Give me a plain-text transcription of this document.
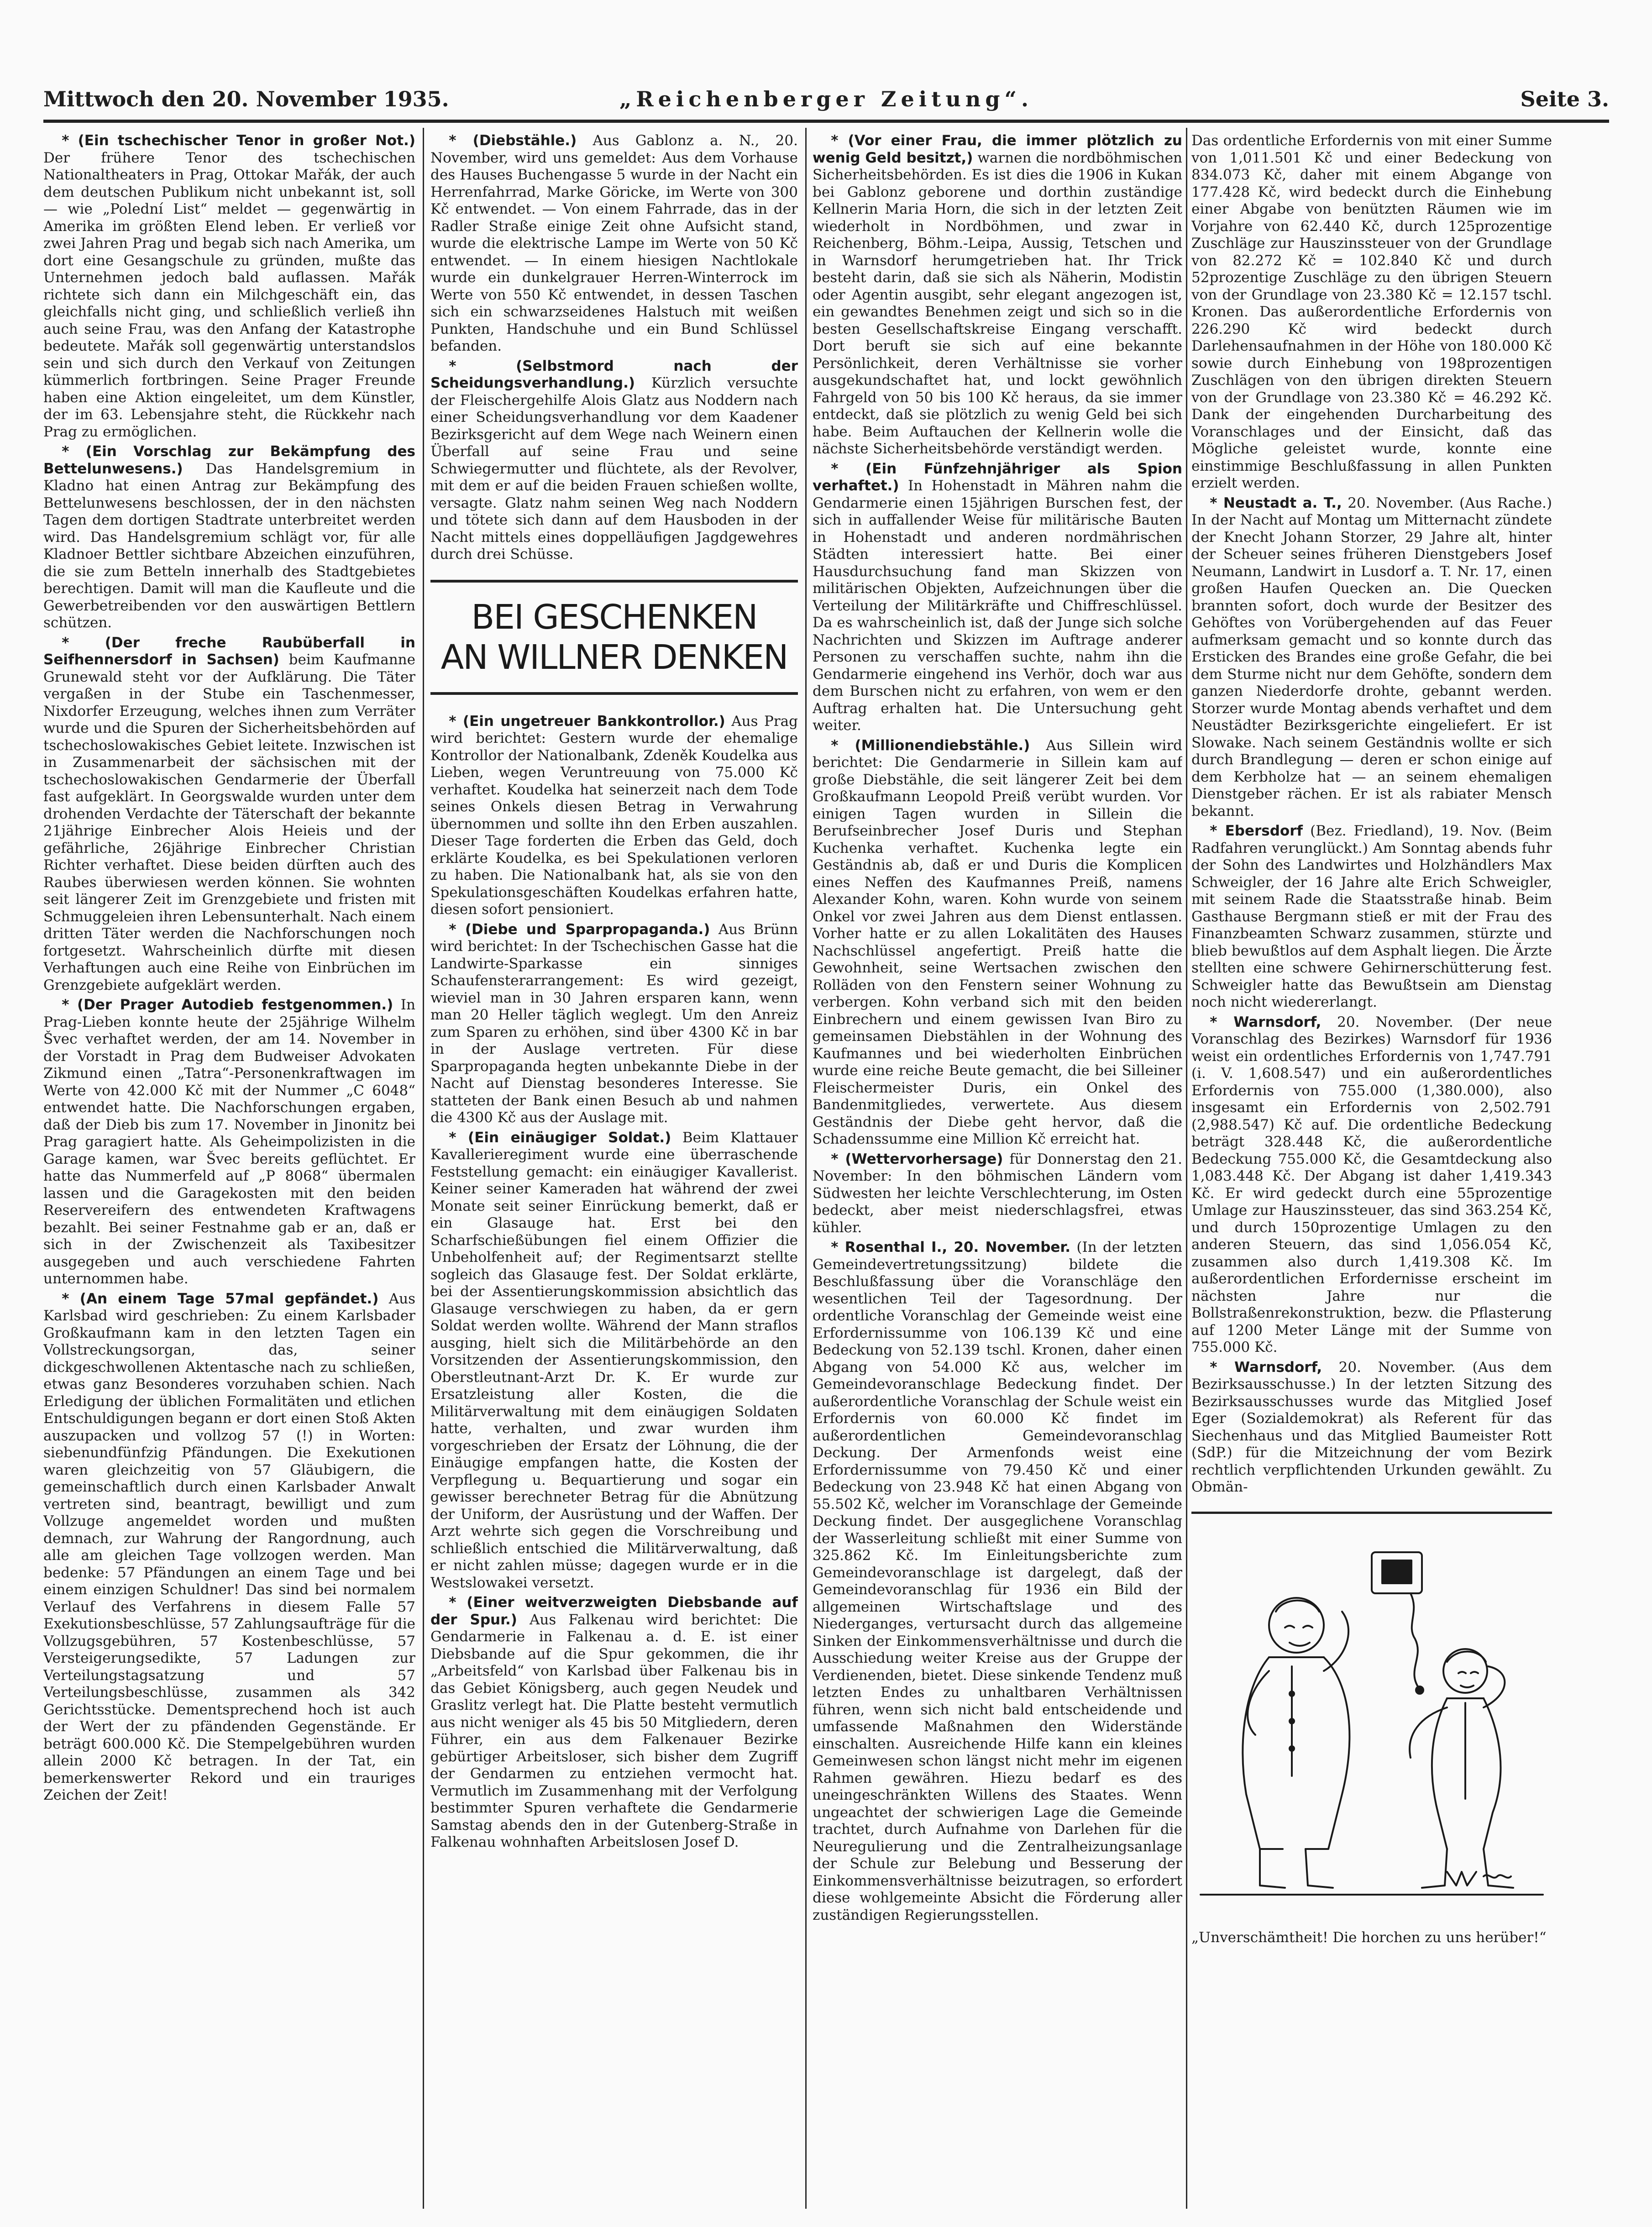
Mittwoch den 20. November 1935.	„Reichenberger Zeitung“.	Seite 3.

* (Ein tschechischer Tenor in großer Not.) Der frühere Tenor des tschechischen Nationaltheaters in Prag, Ottokar Mařák, der auch dem deutschen Publikum nicht unbekannt ist, soll — wie „Polední List“ meldet — gegenwärtig in Amerika im größten Elend leben. Er verließ vor zwei Jahren Prag und begab sich nach Amerika, um dort eine Gesangschule zu gründen, mußte das Unternehmen jedoch bald auflassen. Mařák richtete sich dann ein Milchgeschäft ein, das gleichfalls nicht ging, und schließlich verließ ihn auch seine Frau, was den Anfang der Katastrophe bedeutete. Mařák soll gegenwärtig unterstandslos sein und sich durch den Verkauf von Zeitungen kümmerlich fortbringen. Seine Prager Freunde haben eine Aktion eingeleitet, um dem Künstler, der im 63. Lebensjahre steht, die Rückkehr nach Prag zu ermöglichen.

* (Ein Vorschlag zur Bekämpfung des Bettelunwesens.) Das Handelsgremium in Kladno hat einen Antrag zur Bekämpfung des Bettelunwesens beschlossen, der in den nächsten Tagen dem dortigen Stadtrate unterbreitet werden wird. Das Handelsgremium schlägt vor, für alle Kladnoer Bettler sichtbare Abzeichen einzuführen, die sie zum Betteln innerhalb des Stadtgebietes berechtigen. Damit will man die Kaufleute und die Gewerbetreibenden vor den auswärtigen Bettlern schützen.

* (Der freche Raubüberfall in Seifhennersdorf in Sachsen) beim Kaufmanne Grunewald steht vor der Aufklärung. Die Täter vergaßen in der Stube ein Taschenmesser, Nixdorfer Erzeugung, welches ihnen zum Verräter wurde und die Spuren der Sicherheitsbehörden auf tschechoslowakisches Gebiet leitete. Inzwischen ist in Zusammenarbeit der sächsischen mit der tschechoslowakischen Gendarmerie der Überfall fast aufgeklärt. In Georgswalde wurden unter dem drohenden Verdachte der Täterschaft der bekannte 21jährige Einbrecher Alois Heieis und der gefährliche, 26jährige Einbrecher Christian Richter verhaftet. Diese beiden dürften auch des Raubes überwiesen werden können. Sie wohnten seit längerer Zeit im Grenzgebiete und fristen mit Schmuggeleien ihren Lebensunterhalt. Nach einem dritten Täter werden die Nachforschungen noch fortgesetzt. Wahrscheinlich dürfte mit diesen Verhaftungen auch eine Reihe von Einbrüchen im Grenzgebiete aufgeklärt werden.

* (Der Prager Autodieb festgenommen.) In Prag-Lieben konnte heute der 25jährige Wilhelm Švec verhaftet werden, der am 14. November in der Vorstadt in Prag dem Budweiser Advokaten Zikmund einen „Tatra“-Personenkraftwagen im Werte von 42.000 Kč mit der Nummer „C 6048“ entwendet hatte. Die Nachforschungen ergaben, daß der Dieb bis zum 17. November in Jinonitz bei Prag garagiert hatte. Als Geheimpolizisten in die Garage kamen, war Švec bereits geflüchtet. Er hatte das Nummerfeld auf „P 8068“ übermalen lassen und die Garagekosten mit den beiden Reservereifern des entwendeten Kraftwagens bezahlt. Bei seiner Festnahme gab er an, daß er sich in der Zwischenzeit als Taxibesitzer ausgegeben und auch verschiedene Fahrten unternommen habe.

* (An einem Tage 57mal gepfändet.) Aus Karlsbad wird geschrieben: Zu einem Karlsbader Großkaufmann kam in den letzten Tagen ein Vollstreckungsorgan, das, seiner dickgeschwollenen Aktentasche nach zu schließen, etwas ganz Besonderes vorzuhaben schien. Nach Erledigung der üblichen Formalitäten und etlichen Entschuldigungen begann er dort einen Stoß Akten auszupacken und vollzog 57 (!) in Worten: siebenundfünfzig Pfändungen. Die Exekutionen waren gleichzeitig von 57 Gläubigern, die gemeinschaftlich durch einen Karlsbader Anwalt vertreten sind, beantragt, bewilligt und zum Vollzuge angemeldet worden und mußten demnach, zur Wahrung der Rangordnung, auch alle am gleichen Tage vollzogen werden. Man bedenke: 57 Pfändungen an einem Tage und bei einem einzigen Schuldner! Das sind bei normalem Verlauf des Verfahrens in diesem Falle 57 Exekutionsbeschlüsse, 57 Zahlungsaufträge für die Vollzugsgebühren, 57 Kostenbeschlüsse, 57 Versteigerungsedikte, 57 Ladungen zur Verteilungstagsatzung und 57 Verteilungsbeschlüsse, zusammen als 342 Gerichtsstücke. Dementsprechend hoch ist auch der Wert der zu pfändenden Gegenstände. Er beträgt 600.000 Kč. Die Stempelgebühren wurden allein 2000 Kč betragen. In der Tat, ein bemerkenswerter Rekord und ein trauriges Zeichen der Zeit!

* (Diebstähle.) Aus Gablonz a. N., 20. November, wird uns gemeldet: Aus dem Vorhause des Hauses Buchengasse 5 wurde in der Nacht ein Herrenfahrrad, Marke Göricke, im Werte von 300 Kč entwendet. — Von einem Fahrrade, das in der Radler Straße einige Zeit ohne Aufsicht stand, wurde die elektrische Lampe im Werte von 50 Kč entwendet. — In einem hiesigen Nachtlokale wurde ein dunkelgrauer Herren-Winterrock im Werte von 550 Kč entwendet, in dessen Taschen sich ein schwarzseidenes Halstuch mit weißen Punkten, Handschuhe und ein Bund Schlüssel befanden.

* (Selbstmord nach der Scheidungsverhandlung.) Kürzlich versuchte der Fleischergehilfe Alois Glatz aus Noddern nach einer Scheidungsverhandlung vor dem Kaadener Bezirksgericht auf dem Wege nach Weinern einen Überfall auf seine Frau und seine Schwiegermutter und flüchtete, als der Revolver, mit dem er auf die beiden Frauen schießen wollte, versagte. Glatz nahm seinen Weg nach Noddern und tötete sich dann auf dem Hausboden in der Nacht mittels eines doppelläufigen Jagdgewehres durch drei Schüsse.

BEI GESCHENKEN
AN WILLNER DENKEN

* (Ein ungetreuer Bankkontrollor.) Aus Prag wird berichtet: Gestern wurde der ehemalige Kontrollor der Nationalbank, Zdeněk Koudelka aus Lieben, wegen Veruntreuung von 75.000 Kč verhaftet. Koudelka hat seinerzeit nach dem Tode seines Onkels diesen Betrag in Verwahrung übernommen und sollte ihn den Erben auszahlen. Dieser Tage forderten die Erben das Geld, doch erklärte Koudelka, es bei Spekulationen verloren zu haben. Die Nationalbank hat, als sie von den Spekulationsgeschäften Koudelkas erfahren hatte, diesen sofort pensioniert.

* (Diebe und Sparpropaganda.) Aus Brünn wird berichtet: In der Tschechischen Gasse hat die Landwirte-Sparkasse ein sinniges Schaufensterarrangement: Es wird gezeigt, wieviel man in 30 Jahren ersparen kann, wenn man 20 Heller täglich weglegt. Um den Anreiz zum Sparen zu erhöhen, sind über 4300 Kč in bar in der Auslage vertreten. Für diese Sparpropaganda hegten unbekannte Diebe in der Nacht auf Dienstag besonderes Interesse. Sie statteten der Bank einen Besuch ab und nahmen die 4300 Kč aus der Auslage mit.

* (Ein einäugiger Soldat.) Beim Klattauer Kavallerieregiment wurde eine überraschende Feststellung gemacht: ein einäugiger Kavallerist. Keiner seiner Kameraden hat während der zwei Monate seit seiner Einrückung bemerkt, daß er ein Glasauge hat. Erst bei den Scharfschießübungen fiel einem Offizier die Unbeholfenheit auf; der Regimentsarzt stellte sogleich das Glasauge fest. Der Soldat erklärte, bei der Assentierungskommission absichtlich das Glasauge verschwiegen zu haben, da er gern Soldat werden wollte. Während der Mann straflos ausging, hielt sich die Militärbehörde an den Vorsitzenden der Assentierungskommission, den Oberstleutnant-Arzt Dr. K. Er wurde zur Ersatzleistung aller Kosten, die die Militärverwaltung mit dem einäugigen Soldaten hatte, verhalten, und zwar wurden ihm vorgeschrieben der Ersatz der Löhnung, die der Einäugige empfangen hatte, die Kosten der Verpflegung u. Bequartierung und sogar ein gewisser berechneter Betrag für die Abnützung der Uniform, der Ausrüstung und der Waffen. Der Arzt wehrte sich gegen die Vorschreibung und schließlich entschied die Militärverwaltung, daß er nicht zahlen müsse; dagegen wurde er in die Westslowakei versetzt.

* (Einer weitverzweigten Diebsbande auf der Spur.) Aus Falkenau wird berichtet: Die Gendarmerie in Falkenau a. d. E. ist einer Diebsbande auf die Spur gekommen, die ihr „Arbeitsfeld“ von Karlsbad über Falkenau bis in das Gebiet Königsberg, auch gegen Neudek und Graslitz verlegt hat. Die Platte besteht vermutlich aus nicht weniger als 45 bis 50 Mitgliedern, deren Führer, ein aus dem Falkenauer Bezirke gebürtiger Arbeitsloser, sich bisher dem Zugriff der Gendarmen zu entziehen vermocht hat. Vermutlich im Zusammenhang mit der Verfolgung bestimmter Spuren verhaftete die Gendarmerie Samstag abends den in der Gutenberg-Straße in Falkenau wohnhaften Arbeitslosen Josef D.

* (Vor einer Frau, die immer plötzlich zu wenig Geld besitzt,) warnen die nordböhmischen Sicherheitsbehörden. Es ist dies die 1906 in Kukan bei Gablonz geborene und dorthin zuständige Kellnerin Maria Horn, die sich in der letzten Zeit wiederholt in Nordböhmen, und zwar in Reichenberg, Böhm.-Leipa, Aussig, Tetschen und in Warnsdorf herumgetrieben hat. Ihr Trick besteht darin, daß sie sich als Näherin, Modistin oder Agentin ausgibt, sehr elegant angezogen ist, ein gewandtes Benehmen zeigt und sich so in die besten Gesellschaftskreise Eingang verschafft. Dort beruft sie sich auf eine bekannte Persönlichkeit, deren Verhältnisse sie vorher ausgekundschaftet hat, und lockt gewöhnlich Fahrgeld von 50 bis 100 Kč heraus, da sie immer entdeckt, daß sie plötzlich zu wenig Geld bei sich habe. Beim Auftauchen der Kellnerin wolle die nächste Sicherheitsbehörde verständigt werden.

* (Ein Fünfzehnjähriger als Spion verhaftet.) In Hohenstadt in Mähren nahm die Gendarmerie einen 15jährigen Burschen fest, der sich in auffallender Weise für militärische Bauten in Hohenstadt und anderen nordmährischen Städten interessiert hatte. Bei einer Hausdurchsuchung fand man Skizzen von militärischen Objekten, Aufzeichnungen über die Verteilung der Militärkräfte und Chiffreschlüssel. Da es wahrscheinlich ist, daß der Junge sich solche Nachrichten und Skizzen im Auftrage anderer Personen zu verschaffen suchte, nahm ihn die Gendarmerie eingehend ins Verhör, doch war aus dem Burschen nicht zu erfahren, von wem er den Auftrag erhalten hat. Die Untersuchung geht weiter.

* (Millionendiebstähle.) Aus Sillein wird berichtet: Die Gendarmerie in Sillein kam auf große Diebstähle, die seit längerer Zeit bei dem Großkaufmann Leopold Preiß verübt wurden. Vor einigen Tagen wurden in Sillein die Berufseinbrecher Josef Duris und Stephan Kuchenka verhaftet. Kuchenka legte ein Geständnis ab, daß er und Duris die Komplicen eines Neffen des Kaufmannes Preiß, namens Alexander Kohn, waren. Kohn wurde von seinem Onkel vor zwei Jahren aus dem Dienst entlassen. Vorher hatte er zu allen Lokalitäten des Hauses Nachschlüssel angefertigt. Preiß hatte die Gewohnheit, seine Wertsachen zwischen den Rolläden von den Fenstern seiner Wohnung zu verbergen. Kohn verband sich mit den beiden Einbrechern und einem gewissen Ivan Biro zu gemeinsamen Diebstählen in der Wohnung des Kaufmannes und bei wiederholten Einbrüchen wurde eine reiche Beute gemacht, die bei Silleiner Fleischermeister Duris, ein Onkel des Bandenmitgliedes, verwertete. Aus diesem Geständnis der Diebe geht hervor, daß die Schadenssumme eine Million Kč erreicht hat.

* (Wettervorhersage) für Donnerstag den 21. November: In den böhmischen Ländern vom Südwesten her leichte Verschlechterung, im Osten bedeckt, aber meist niederschlagsfrei, etwas kühler.

* Rosenthal I., 20. November. (In der letzten Gemeindevertretungssitzung) bildete die Beschlußfassung über die Voranschläge den wesentlichen Teil der Tagesordnung. Der ordentliche Voranschlag der Gemeinde weist eine Erfordernissumme von 106.139 Kč und eine Bedeckung von 52.139 tschl. Kronen, daher einen Abgang von 54.000 Kč aus, welcher im Gemeindevoranschlage Bedeckung findet. Der außerordentliche Voranschlag der Schule weist ein Erfordernis von 60.000 Kč findet im außerordentlichen Gemeindevoranschlag Deckung. Der Armenfonds weist eine Erfordernissumme von 79.450 Kč und einer Bedeckung von 23.948 Kč hat einen Abgang von 55.502 Kč, welcher im Voranschlage der Gemeinde Deckung findet. Der ausgeglichene Voranschlag der Wasserleitung schließt mit einer Summe von 325.862 Kč. Im Einleitungsberichte zum Gemeindevoranschlage ist dargelegt, daß der Gemeindevoranschlag für 1936 ein Bild der allgemeinen Wirtschaftslage und des Niederganges, vertursacht durch das allgemeine Sinken der Einkommensverhältnisse und durch die Ausschiedung weiter Kreise aus der Gruppe der Verdienenden, bietet. Diese sinkende Tendenz muß letzten Endes zu unhaltbaren Verhältnissen führen, wenn sich nicht bald entscheidende und umfassende Maßnahmen den Widerstände einschalten. Ausreichende Hilfe kann ein kleines Gemeinwesen schon längst nicht mehr im eigenen Rahmen gewähren. Hiezu bedarf es des uneingeschränkten Willens des Staates. Wenn ungeachtet der schwierigen Lage die Gemeinde trachtet, durch Aufnahme von Darlehen für die Neuregulierung und die Zentralheizungsanlage der Schule zur Belebung und Besserung der Einkommensverhältnisse beizutragen, so erfordert diese wohlgemeinte Absicht die Förderung aller zuständigen Regierungsstellen.

Das ordentliche Erfordernis von mit einer Summe von 1,011.501 Kč und einer Bedeckung von 834.073 Kč, daher mit einem Abgange von 177.428 Kč, wird bedeckt durch die Einhebung einer Abgabe von benützten Räumen wie im Vorjahre von 62.440 Kč, durch 125prozentige Zuschläge zur Hauszinssteuer von der Grundlage von 82.272 Kč = 102.840 Kč und durch 52prozentige Zuschläge zu den übrigen Steuern von der Grundlage von 23.380 Kč = 12.157 tschl. Kronen. Das außerordentliche Erfordernis von 226.290 Kč wird bedeckt durch Darlehensaufnahmen in der Höhe von 180.000 Kč sowie durch Einhebung von 198prozentigen Zuschlägen von den übrigen direkten Steuern von der Grundlage von 23.380 Kč = 46.292 Kč. Dank der eingehenden Durcharbeitung des Voranschlages und der Einsicht, daß das Mögliche geleistet wurde, konnte eine einstimmige Beschlußfassung in allen Punkten erzielt werden.

* Neustadt a. T., 20. November. (Aus Rache.) In der Nacht auf Montag um Mitternacht zündete der Knecht Johann Storzer, 29 Jahre alt, hinter der Scheuer seines früheren Dienstgebers Josef Neumann, Landwirt in Lusdorf a. T. Nr. 17, einen großen Haufen Quecken an. Die Quecken brannten sofort, doch wurde der Besitzer des Gehöftes von Vorübergehenden auf das Feuer aufmerksam gemacht und so konnte durch das Ersticken des Brandes eine große Gefahr, die bei dem Sturme nicht nur dem Gehöfte, sondern dem ganzen Niederdorfe drohte, gebannt werden. Storzer wurde Montag abends verhaftet und dem Neustädter Bezirksgerichte eingeliefert. Er ist Slowake. Nach seinem Geständnis wollte er sich durch Brandlegung — deren er schon einige auf dem Kerbholze hat — an seinem ehemaligen Dienstgeber rächen. Er ist als rabiater Mensch bekannt.

* Ebersdorf (Bez. Friedland), 19. Nov. (Beim Radfahren verunglückt.) Am Sonntag abends fuhr der Sohn des Landwirtes und Holzhändlers Max Schweigler, der 16 Jahre alte Erich Schweigler, mit seinem Rade die Staatsstraße hinab. Beim Gasthause Bergmann stieß er mit der Frau des Finanzbeamten Schwarz zusammen, stürzte und blieb bewußtlos auf dem Asphalt liegen. Die Ärzte stellten eine schwere Gehirnerschütterung fest. Schweigler hatte das Bewußtsein am Dienstag noch nicht wiedererlangt.

* Warnsdorf, 20. November. (Der neue Voranschlag des Bezirkes) Warnsdorf für 1936 weist ein ordentliches Erfordernis von 1,747.791 (i. V. 1,608.547) und ein außerordentliches Erfordernis von 755.000 (1,380.000), also insgesamt ein Erfordernis von 2,502.791 (2,988.547) Kč auf. Die ordentliche Bedeckung beträgt 328.448 Kč, die außerordentliche Bedeckung 755.000 Kč, die Gesamtdeckung also 1,083.448 Kč. Der Abgang ist daher 1,419.343 Kč. Er wird gedeckt durch eine 55prozentige Umlage zur Hauszinssteuer, das sind 363.254 Kč, und durch 150prozentige Umlagen zu den anderen Steuern, das sind 1,056.054 Kč, zusammen also durch 1,419.308 Kč. Im außerordentlichen Erfordernisse erscheint im nächsten Jahre nur die Bollstraßenrekonstruktion, bezw. die Pflasterung auf 1200 Meter Länge mit der Summe von 755.000 Kč.

* Warnsdorf, 20. November. (Aus dem Bezirksausschusse.) In der letzten Sitzung des Bezirksausschusses wurde das Mitglied Josef Eger (Sozialdemokrat) als Referent für das Siechenhaus und das Mitglied Baumeister Rott (SdP.) für die Mitzeichnung der vom Bezirk rechtlich verpflichtenden Urkunden gewählt. Zu Obmän-

„Unverschämtheit! Die horchen zu uns herüber!“
